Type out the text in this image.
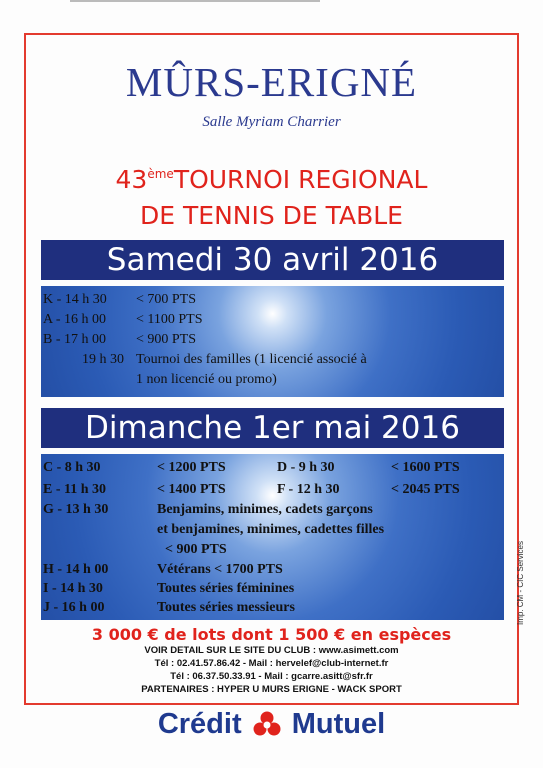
MÛRS-ERIGNÉ
Salle Myriam Charrier
43èmeTOURNOI REGIONAL
DE TENNIS DE TABLE
Samedi 30 avril 2016
K - 14 h 30 < 700 PTS
A - 16 h 00 < 1100 PTS
B - 17 h 00 < 900 PTS
19 h 30 Tournoi des familles (1 licencié associé à
1 non licencié ou promo)
Dimanche 1er mai 2016
C - 8 h 30	< 1200 PTS	D - 9 h 30	< 1600 PTS
E - 11 h 30	< 1400 PTS	F - 12 h 30	< 2045 PTS
G - 13 h 30	Benjamins, minimes, cadets garçons
et benjamines, minimes, cadettes filles
< 900 PTS
H - 14 h 00	Vétérans < 1700 PTS
I - 14 h 30	Toutes séries féminines
J - 16 h 00	Toutes séries messieurs
3 000 € de lots dont 1 500 € en espèces
VOIR DETAIL SUR LE SITE DU CLUB : www.asimett.com
Tél : 02.41.57.86.42 - Mail : hervelef@club-internet.fr
Tél : 06.37.50.33.91 - Mail : gcarre.asitt@sfr.fr
PARTENAIRES : HYPER U MURS ERIGNE - WACK SPORT
Crédit Mutuel
Imp. CM - CIC Services
